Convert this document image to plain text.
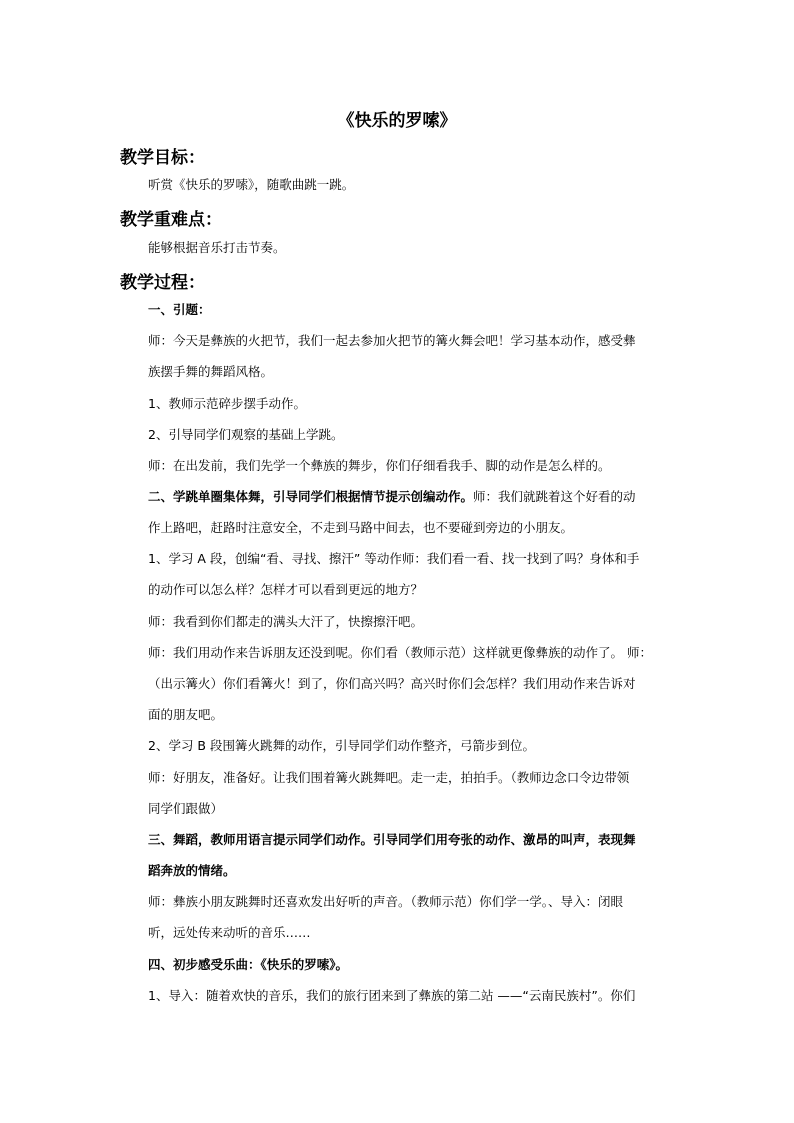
《快乐的罗嗦》
教学目标：
听赏《快乐的罗嗦》，随歌曲跳一跳。
教学重难点：
能够根据音乐打击节奏。
教学过程：
一、引题：
师：今天是彝族的火把节，我们一起去参加火把节的篝火舞会吧！学习基本动作，感受彝
族摆手舞的舞蹈风格。
1、教师示范碎步摆手动作。
2、引导同学们观察的基础上学跳。
师：在出发前，我们先学一个彝族的舞步，你们仔细看我手、脚的动作是怎么样的。
二、学跳单圈集体舞，引导同学们根据情节提示创编动作。师：我们就跳着这个好看的动
作上路吧，赶路时注意安全，不走到马路中间去，也不要碰到旁边的小朋友。
1、学习 A 段，创编“看、寻找、擦汗” 等动作师：我们看一看、找一找到了吗？身体和手
的动作可以怎么样？怎样才可以看到更远的地方？
师：我看到你们都走的满头大汗了，快擦擦汗吧。
师：我们用动作来告诉朋友还没到呢。你们看（教师示范）这样就更像彝族的动作了。 师：
（出示篝火）你们看篝火！到了，你们高兴吗？高兴时你们会怎样？我们用动作来告诉对
面的朋友吧。
2、学习 B 段围篝火跳舞的动作，引导同学们动作整齐，弓箭步到位。
师：好朋友，准备好。让我们围着篝火跳舞吧。走一走，拍拍手。（教师边念口令边带领
同学们跟做）
三、舞蹈，教师用语言提示同学们动作。引导同学们用夸张的动作、激昂的叫声，表现舞
蹈奔放的情绪。
师：彝族小朋友跳舞时还喜欢发出好听的声音。（教师示范）你们学一学。、导入：闭眼
听，远处传来动听的音乐……
四、初步感受乐曲：《快乐的罗嗦》。
1、导入：随着欢快的音乐，我们的旅行团来到了彝族的第二站 ——“云南民族村”。你们
